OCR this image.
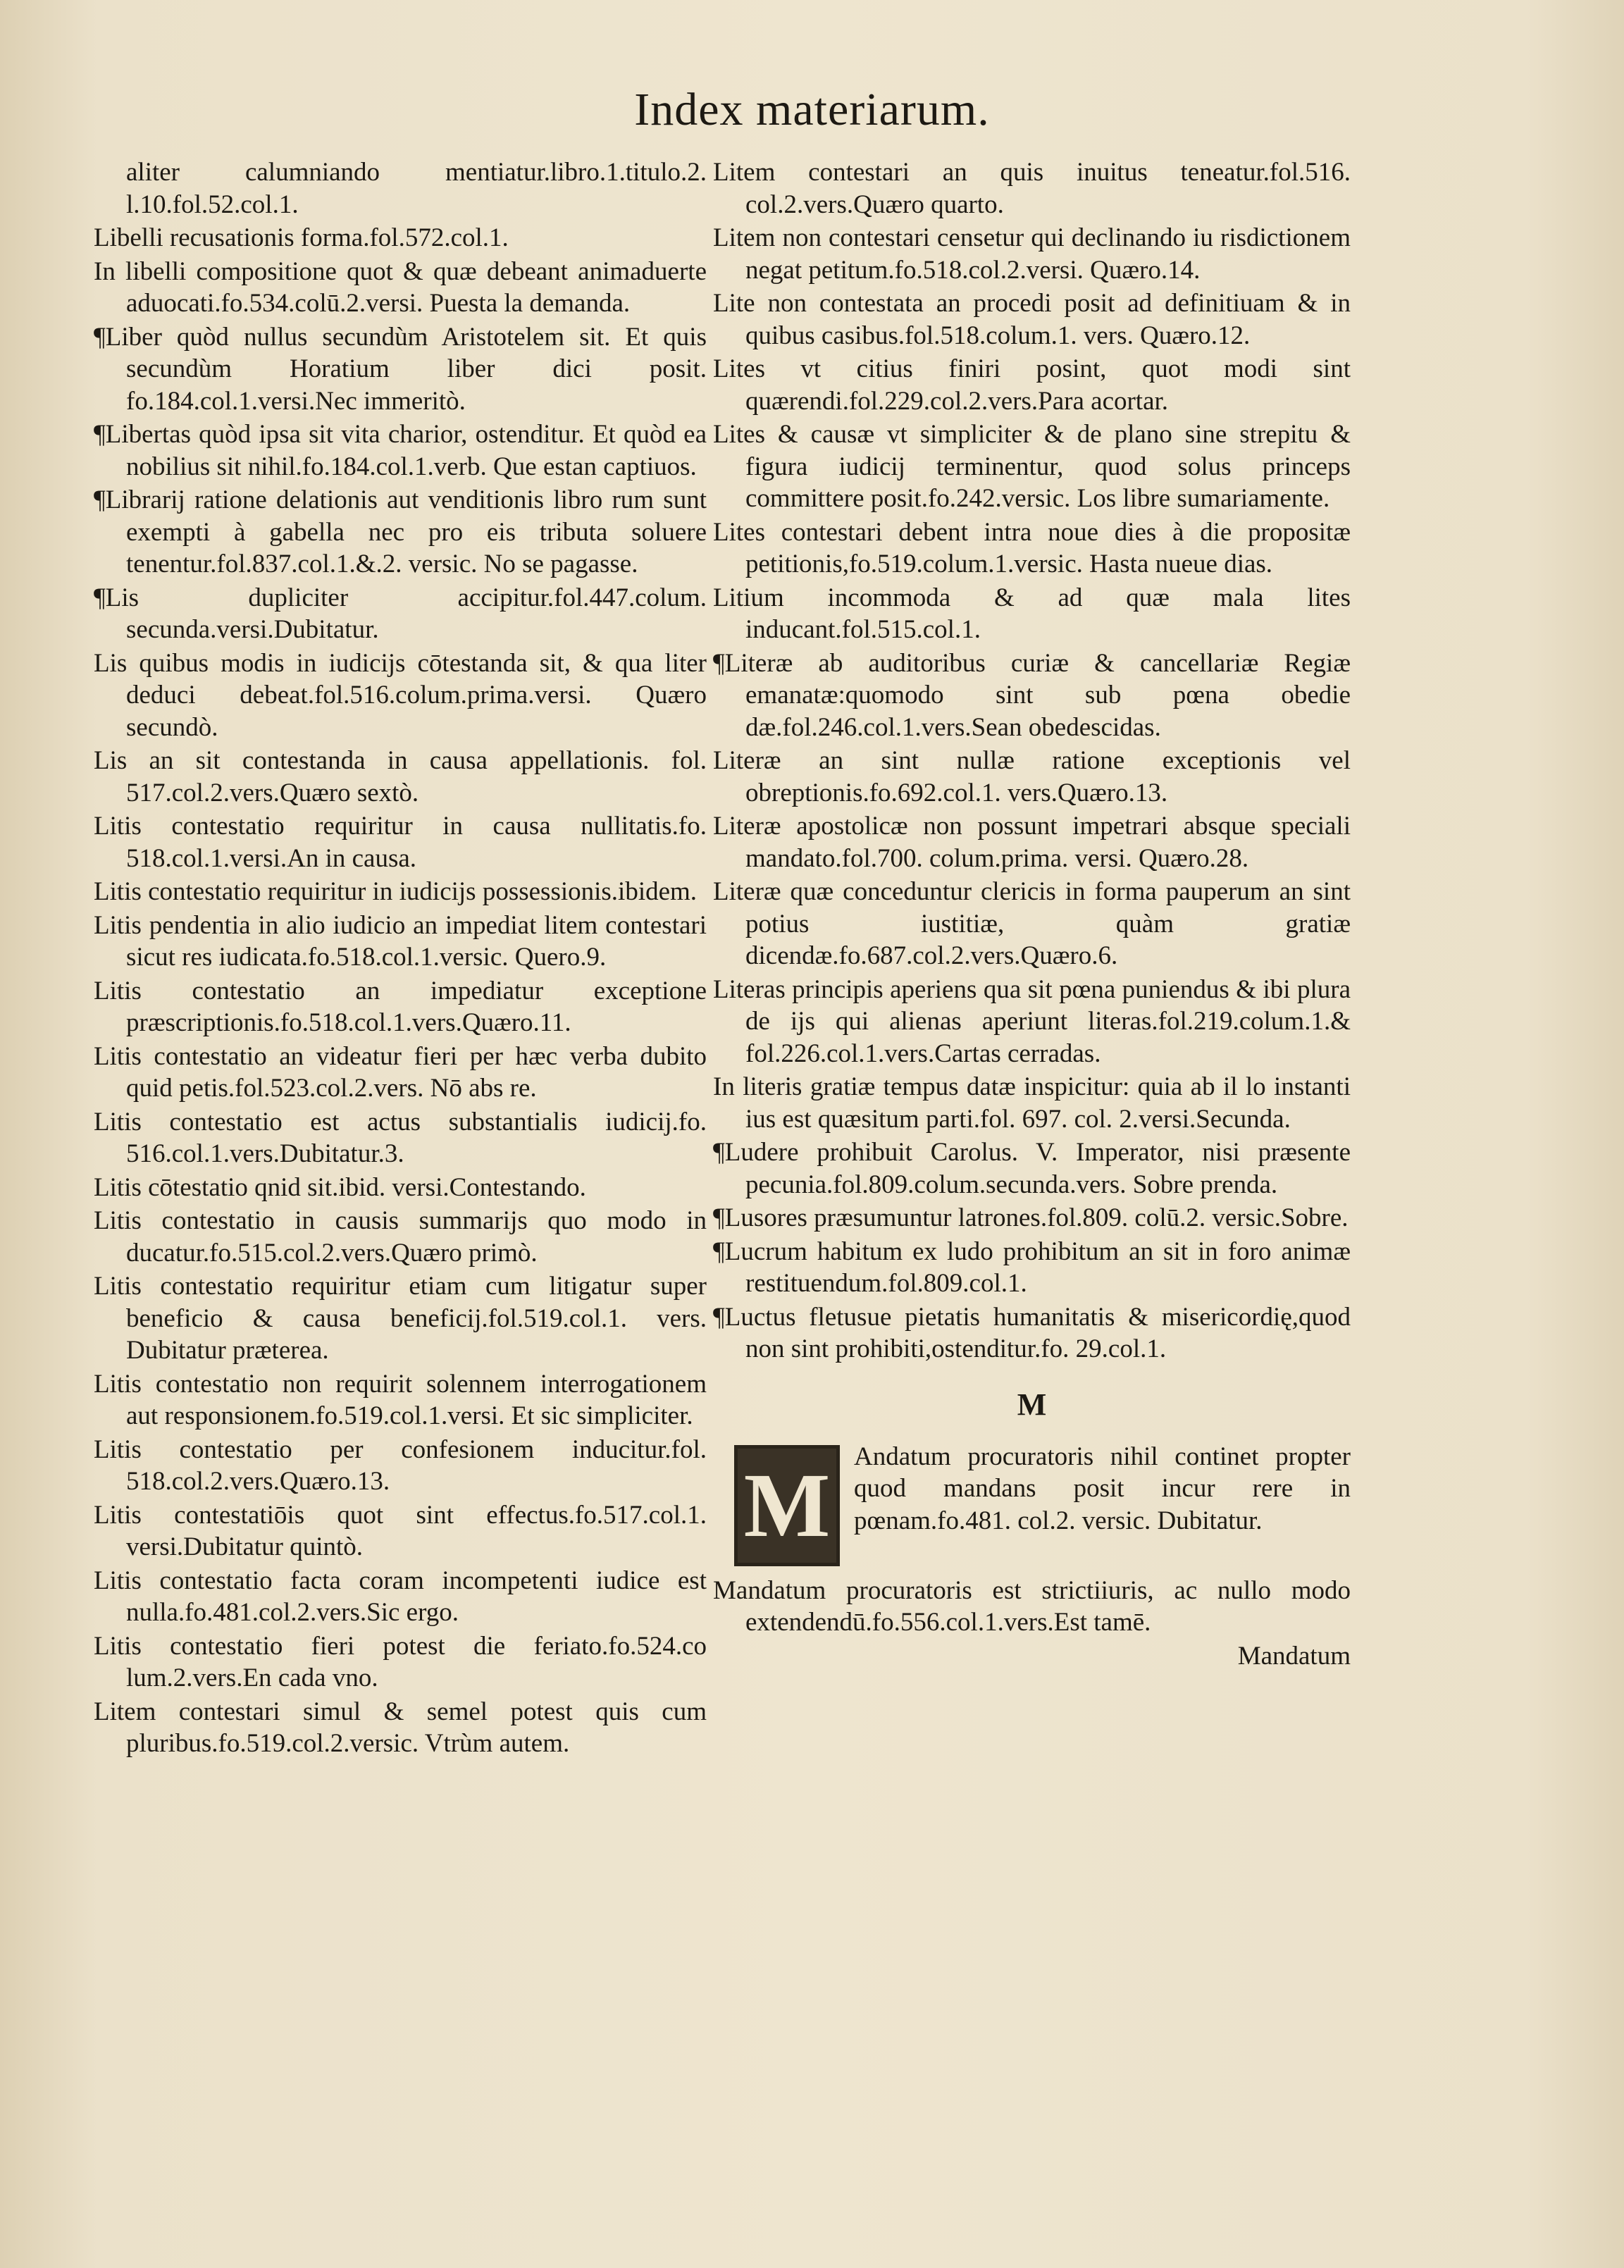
Index materiarum.

aliter calumniando mentiatur.libro.1.titulo.2. l.10.fol.52.col.1.

Libelli recusationis forma.fol.572.col.1.

In libelli compositione quot & quæ debeant animaduerte aduocati.fo.534.colū.2.versi. Puesta la demanda.

¶Liber quòd nullus secundùm Aristotelem sit. Et quis secundùm Horatium liber dici posit. fo.184.col.1.versi.Nec immeritò.

¶Libertas quòd ipsa sit vita charior, ostenditur. Et quòd ea nobilius sit nihil.fo.184.col.1.verb. Que estan captiuos.

¶Librarij ratione delationis aut venditionis libro rum sunt exempti à gabella nec pro eis tributa soluere tenentur.fol.837.col.1.&.2. versic. No se pagasse.

¶Lis dupliciter accipitur.fol.447.colum. secunda.versi.Dubitatur.

Lis quibus modis in iudicijs cōtestanda sit, & qua liter deduci debeat.fol.516.colum.prima.versi. Quæro secundò.

Lis an sit contestanda in causa appellationis. fol. 517.col.2.vers.Quæro sextò.

Litis contestatio requiritur in causa nullitatis.fo. 518.col.1.versi.An in causa.

Litis contestatio requiritur in iudicijs possessionis.ibidem.

Litis pendentia in alio iudicio an impediat litem contestari sicut res iudicata.fo.518.col.1.versic. Quero.9.

Litis contestatio an impediatur exceptione præscriptionis.fo.518.col.1.vers.Quæro.11.

Litis contestatio an videatur fieri per hæc verba dubito quid petis.fol.523.col.2.vers. Nō abs re.

Litis contestatio est actus substantialis iudicij.fo. 516.col.1.vers.Dubitatur.3.

Litis cōtestatio qnid sit.ibid. versi.Contestando.

Litis contestatio in causis summarijs quo modo in ducatur.fo.515.col.2.vers.Quæro primò.

Litis contestatio requiritur etiam cum litigatur super beneficio & causa beneficij.fol.519.col.1. vers. Dubitatur præterea.

Litis contestatio non requirit solennem interrogationem aut responsionem.fo.519.col.1.versi. Et sic simpliciter.

Litis contestatio per confesionem inducitur.fol. 518.col.2.vers.Quæro.13.

Litis contestatiōis quot sint effectus.fo.517.col.1. versi.Dubitatur quintò.

Litis contestatio facta coram incompetenti iudice est nulla.fo.481.col.2.vers.Sic ergo.

Litis contestatio fieri potest die feriato.fo.524.co lum.2.vers.En cada vno.

Litem contestari simul & semel potest quis cum pluribus.fo.519.col.2.versic. Vtrùm autem.

Litem contestari an quis inuitus teneatur.fol.516. col.2.vers.Quæro quarto.

Litem non contestari censetur qui declinando iu risdictionem negat petitum.fo.518.col.2.versi. Quæro.14.

Lite non contestata an procedi posit ad definitiuam & in quibus casibus.fol.518.colum.1. vers. Quæro.12.

Lites vt citius finiri posint, quot modi sint quærendi.fol.229.col.2.vers.Para acortar.

Lites & causæ vt simpliciter & de plano sine strepitu & figura iudicij terminentur, quod solus princeps committere posit.fo.242.versic. Los libre sumariamente.

Lites contestari debent intra noue dies à die propositæ petitionis,fo.519.colum.1.versic. Hasta nueue dias.

Litium incommoda & ad quæ mala lites inducant.fol.515.col.1.

¶Literæ ab auditoribus curiæ & cancellariæ Regiæ emanatæ:quomodo sint sub pœna obedie dæ.fol.246.col.1.vers.Sean obedescidas.

Literæ an sint nullæ ratione exceptionis vel obreptionis.fo.692.col.1. vers.Quæro.13.

Literæ apostolicæ non possunt impetrari absque speciali mandato.fol.700. colum.prima. versi. Quæro.28.

Literæ quæ conceduntur clericis in forma pauperum an sint potius iustitiæ, quàm gratiæ dicendæ.fo.687.col.2.vers.Quæro.6.

Literas principis aperiens qua sit pœna puniendus & ibi plura de ijs qui alienas aperiunt literas.fol.219.colum.1.& fol.226.col.1.vers.Cartas cerradas.

In literis gratiæ tempus datæ inspicitur: quia ab il lo instanti ius est quæsitum parti.fol. 697. col. 2.versi.Secunda.

¶Ludere prohibuit Carolus. V. Imperator, nisi præsente pecunia.fol.809.colum.secunda.vers. Sobre prenda.

¶Lusores præsumuntur latrones.fol.809. colū.2. versic.Sobre.

¶Lucrum habitum ex ludo prohibitum an sit in foro animæ restituendum.fol.809.col.1.

¶Luctus fletusue pietatis humanitatis & misericordię,quod non sint prohibiti,ostenditur.fo. 29.col.1.

M
M Andatum procuratoris nihil continet propter quod mandans posit incur rere in pœnam.fo.481. col.2. versic. Dubitatur.

Mandatum procuratoris est strictiiuris, ac nullo modo extendendū.fo.556.col.1.vers.Est tamē.

Mandatum
